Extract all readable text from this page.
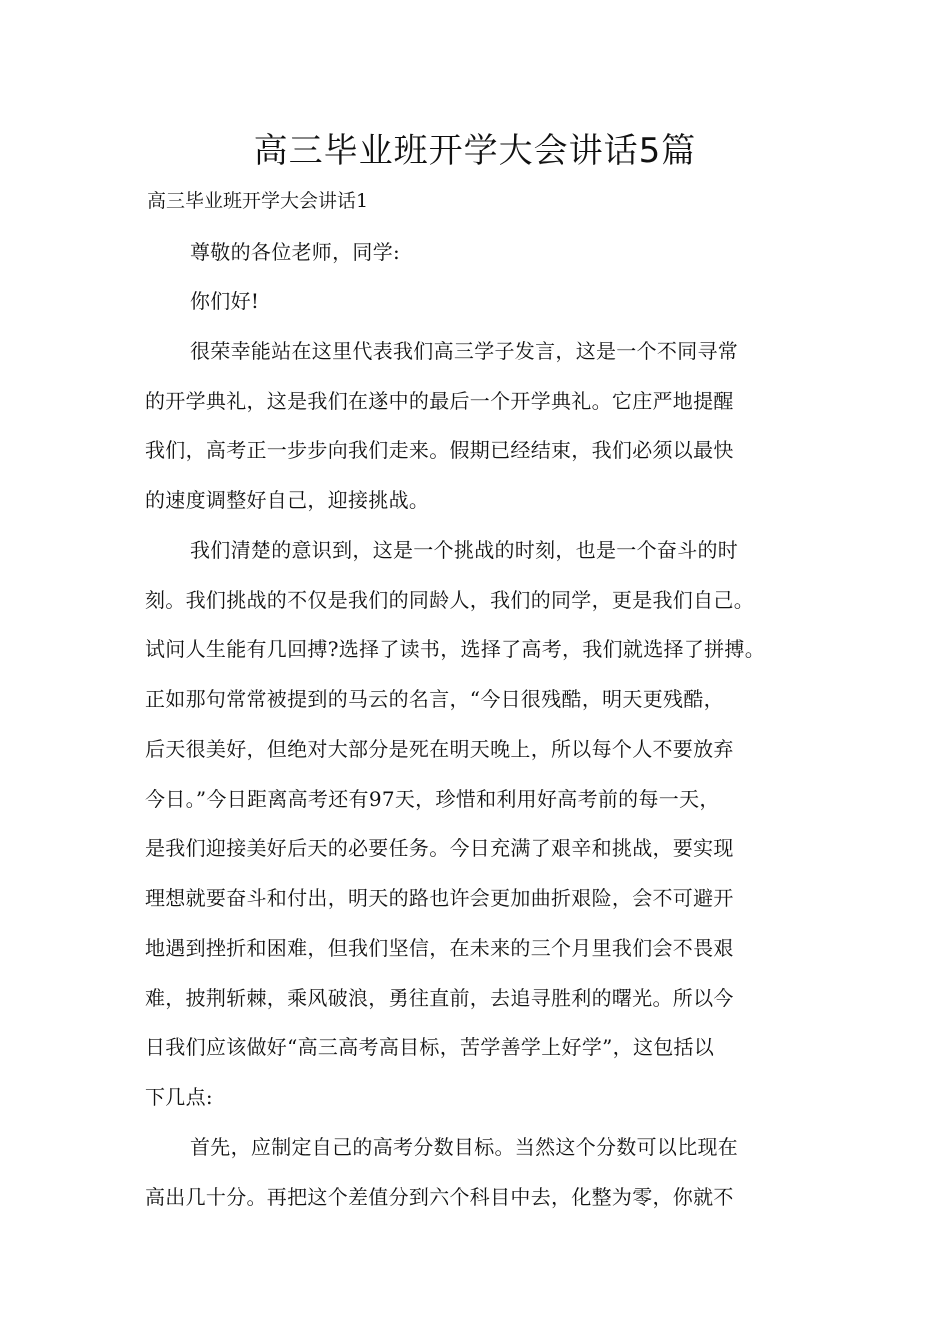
高三毕业班开学大会讲话5篇

高三毕业班开学大会讲话1

尊敬的各位老师，同学:

你们好!

很荣幸能站在这里代表我们高三学子发言，这是一个不同寻常

的开学典礼，这是我们在遂中的最后一个开学典礼。它庄严地提醒

我们，高考正一步步向我们走来。假期已经结束，我们必须以最快

的速度调整好自己，迎接挑战。

我们清楚的意识到，这是一个挑战的时刻，也是一个奋斗的时

刻。我们挑战的不仅是我们的同龄人，我们的同学，更是我们自己。

试问人生能有几回搏?选择了读书，选择了高考，我们就选择了拼搏。

正如那句常常被提到的马云的名言，“今日很残酷，明天更残酷，

后天很美好，但绝对大部分是死在明天晚上，所以每个人不要放弃

今日。”今日距离高考还有97天，珍惜和利用好高考前的每一天，

是我们迎接美好后天的必要任务。今日充满了艰辛和挑战，要实现

理想就要奋斗和付出，明天的路也许会更加曲折艰险，会不可避开

地遇到挫折和困难，但我们坚信，在未来的三个月里我们会不畏艰

难，披荆斩棘，乘风破浪，勇往直前，去追寻胜利的曙光。所以今

日我们应该做好“高三高考高目标，苦学善学上好学”，这包括以

下几点:

首先，应制定自己的高考分数目标。当然这个分数可以比现在

高出几十分。再把这个差值分到六个科目中去，化整为零，你就不
